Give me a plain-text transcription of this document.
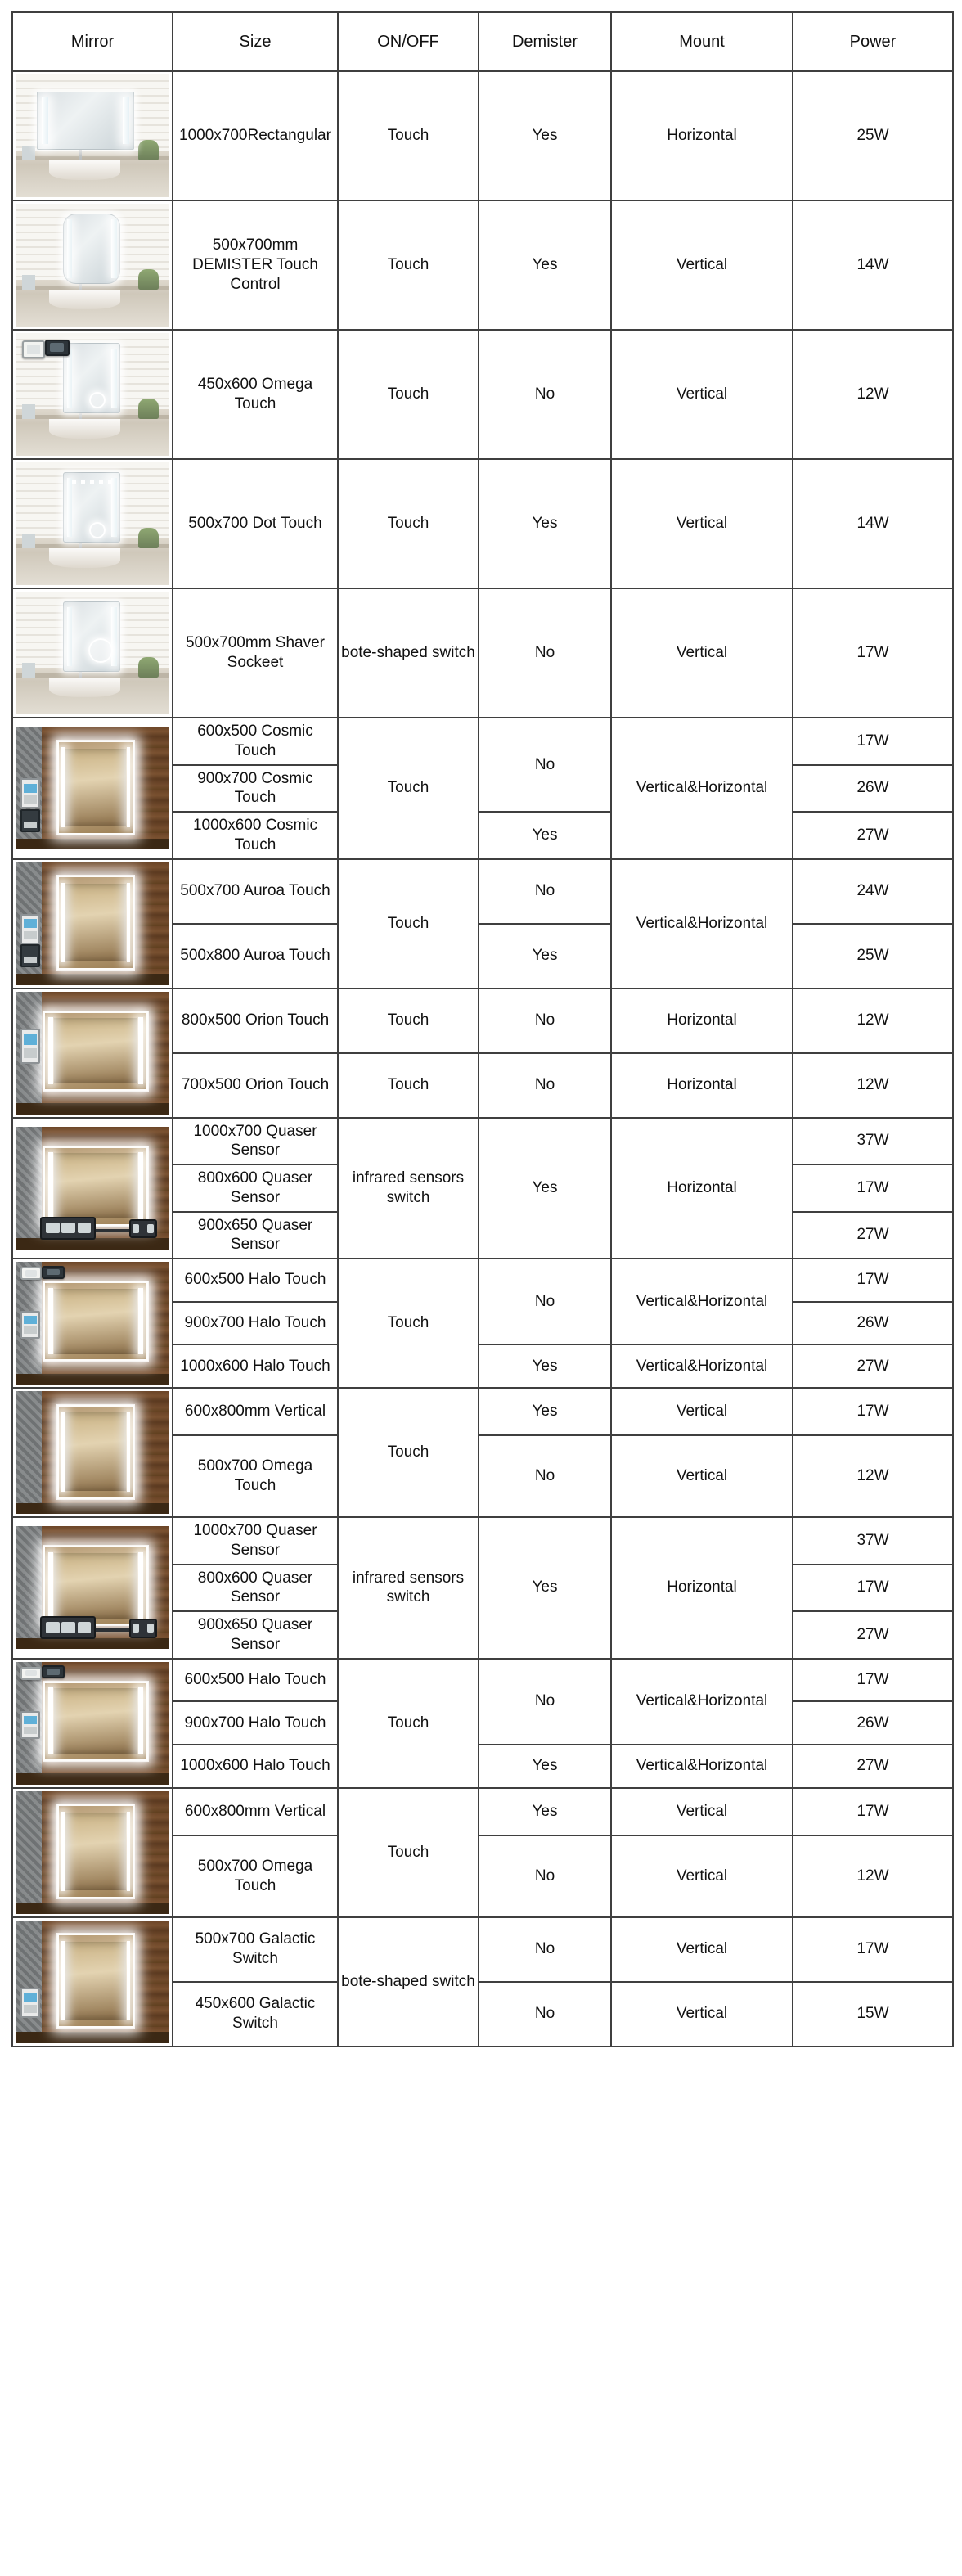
Mirror	Size	ON/OFF	Demister	Mount	Power

	1000x700Rectangular	Touch	Yes	Horizontal	25W

	500x700mm DEMISTER Touch Control	Touch	Yes	Vertical	14W

	450x600 Omega Touch	Touch	No	Vertical	12W

	500x700 Dot Touch	Touch	Yes	Vertical	14W

	500x700mm Shaver Sockeet	bote-shaped switch	No	Vertical	17W

	600x500 Cosmic Touch	Touch	No	Vertical&Horizontal	17W
	900x700 Cosmic Touch				26W
	1000x600 Cosmic Touch		Yes		27W

	500x700 Auroa Touch	Touch	No	Vertical&Horizontal	24W
	500x800 Auroa Touch		Yes		25W

	800x500 Orion Touch	Touch	No	Horizontal	12W
	700x500 Orion Touch	Touch	No	Horizontal	12W

	1000x700 Quaser Sensor	infrared sensors switch	Yes	Horizontal	37W
	800x600 Quaser Sensor				17W
	900x650 Quaser Sensor				27W

	600x500 Halo Touch	Touch	No	Vertical&Horizontal	17W
	900x700 Halo Touch				26W
	1000x600 Halo Touch		Yes	Vertical&Horizontal	27W

	600x800mm Vertical	Touch	Yes	Vertical	17W
	500x700 Omega Touch		No	Vertical	12W

	1000x700 Quaser Sensor	infrared sensors switch	Yes	Horizontal	37W
	800x600 Quaser Sensor				17W
	900x650 Quaser Sensor				27W

	600x500 Halo Touch	Touch	No	Vertical&Horizontal	17W
	900x700 Halo Touch				26W
	1000x600 Halo Touch		Yes	Vertical&Horizontal	27W

	600x800mm Vertical	Touch	Yes	Vertical	17W
	500x700 Omega Touch		No	Vertical	12W

	500x700 Galactic Switch	bote-shaped switch	No	Vertical	17W
	450x600 Galactic Switch		No	Vertical	15W
